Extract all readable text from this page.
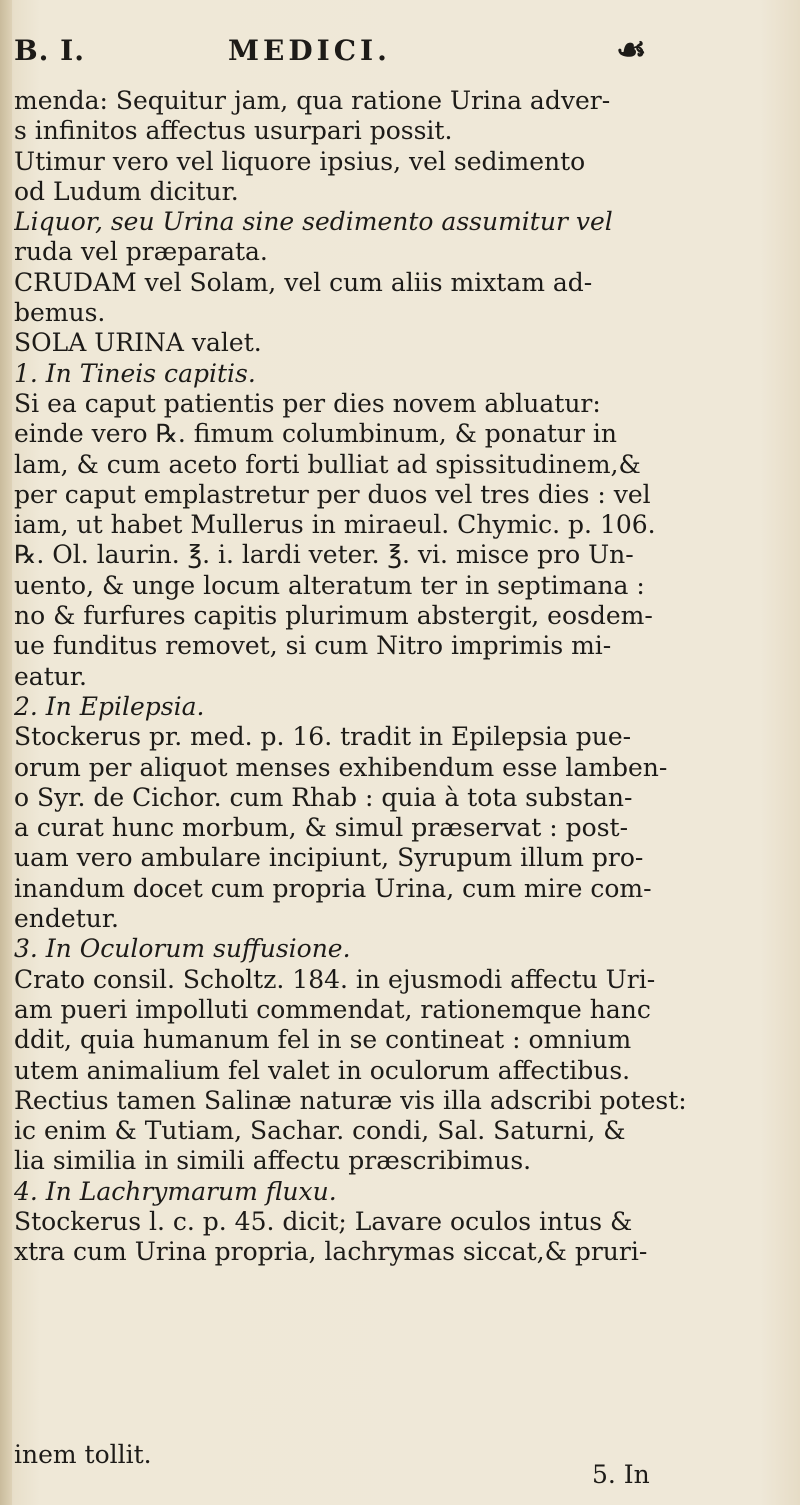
B. I.	MEDICI.	☙
menda: Sequitur jam, qua ratione Urina adver-
s infinitos affectus usurpari possit.
Utimur vero vel liquore ipsius, vel sedimento
od Ludum dicitur.
Liquor, seu Urina sine sedimento assumitur vel
ruda vel præparata.
CRUDAM vel Solam, vel cum aliis mixtam ad-
bemus.
SOLA URINA valet.
1. In Tineis capitis.
Si ea caput patientis per dies novem abluatur:
einde vero ℞. fimum columbinum, & ponatur in
lam, & cum aceto forti bulliat ad spissitudinem,&
per caput emplastretur per duos vel tres dies : vel
iam, ut habet Mullerus in miraeul. Chymic. p. 106.
℞. Ol. laurin. ℥. i. lardi veter. ℥. vi. misce pro Un-
uento, & unge locum alteratum ter in septimana :
no & furfures capitis plurimum abstergit, eosdem-
ue funditus removet, si cum Nitro imprimis mi-
eatur.
2. In Epilepsia.
Stockerus pr. med. p. 16. tradit in Epilepsia pue-
orum per aliquot menses exhibendum esse lamben-
o Syr. de Cichor. cum Rhab : quia à tota substan-
a curat hunc morbum, & simul præservat : post-
uam vero ambulare incipiunt, Syrupum illum pro-
inandum docet cum propria Urina, cum mire com-
endetur.
3. In Oculorum suffusione.
Crato consil. Scholtz. 184. in ejusmodi affectu Uri-
am pueri impolluti commendat, rationemque hanc
ddit, quia humanum fel in se contineat : omnium
utem animalium fel valet in oculorum affectibus.
Rectius tamen Salinæ naturæ vis illa adscribi potest:
ic enim & Tutiam, Sachar. condi, Sal. Saturni, &
lia similia in simili affectu præscribimus.
4. In Lachrymarum fluxu.
Stockerus l. c. p. 45. dicit; Lavare oculos intus &
xtra cum Urina propria, lachrymas siccat,& pruri-
inem tollit.
5. In
